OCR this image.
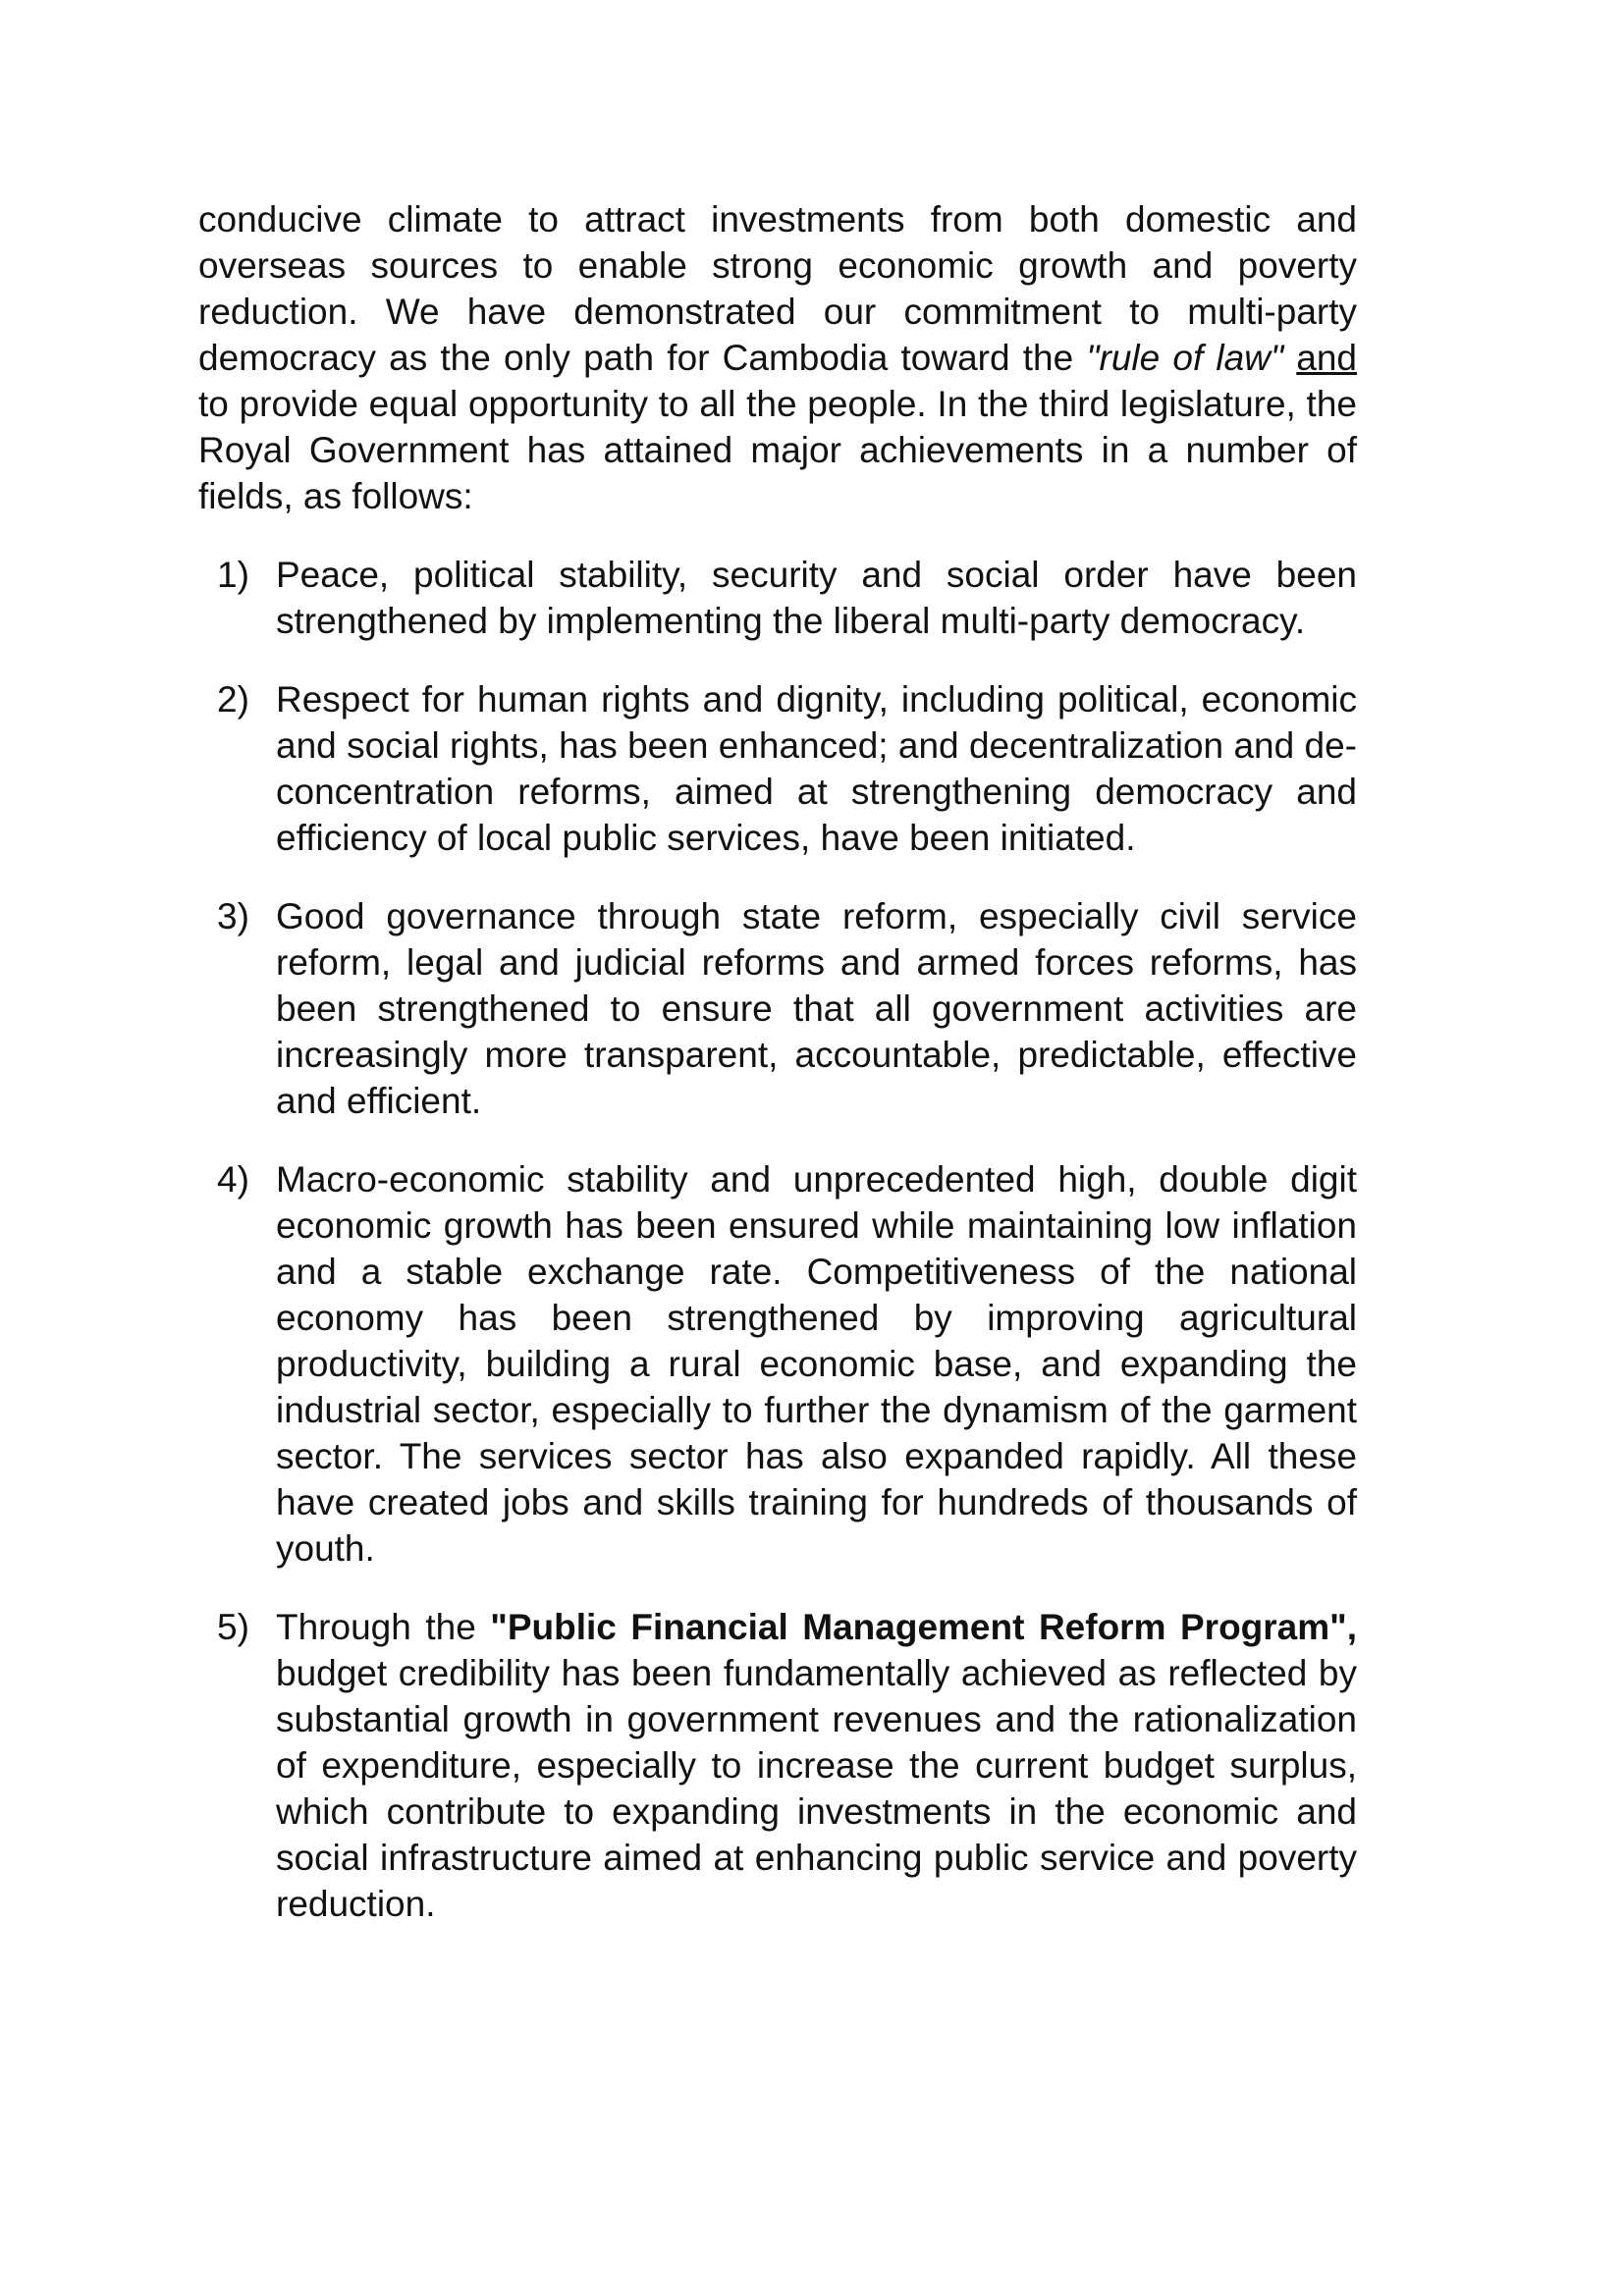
conducive climate to attract investments from both domestic and overseas sources to enable strong economic growth and poverty reduction. We have demonstrated our commitment to multi-party democracy as the only path for Cambodia toward the "rule of law" and to provide equal opportunity to all the people. In the third legislature, the Royal Government has attained major achievements in a number of fields, as follows:

1) Peace, political stability, security and social order have been strengthened by implementing the liberal multi-party democracy.
2) Respect for human rights and dignity, including political, economic and social rights, has been enhanced; and decentralization and de-concentration reforms, aimed at strengthening democracy and efficiency of local public services, have been initiated.
3) Good governance through state reform, especially civil service reform, legal and judicial reforms and armed forces reforms, has been strengthened to ensure that all government activities are increasingly more transparent, accountable, predictable, effective and efficient.
4) Macro-economic stability and unprecedented high, double digit economic growth has been ensured while maintaining low inflation and a stable exchange rate. Competitiveness of the national economy has been strengthened by improving agricultural productivity, building a rural economic base, and expanding the industrial sector, especially to further the dynamism of the garment sector. The services sector has also expanded rapidly. All these have created jobs and skills training for hundreds of thousands of youth.
5) Through the "Public Financial Management Reform Program", budget credibility has been fundamentally achieved as reflected by substantial growth in government revenues and the rationalization of expenditure, especially to increase the current budget surplus, which contribute to expanding investments in the economic and social infrastructure aimed at enhancing public service and poverty reduction.
